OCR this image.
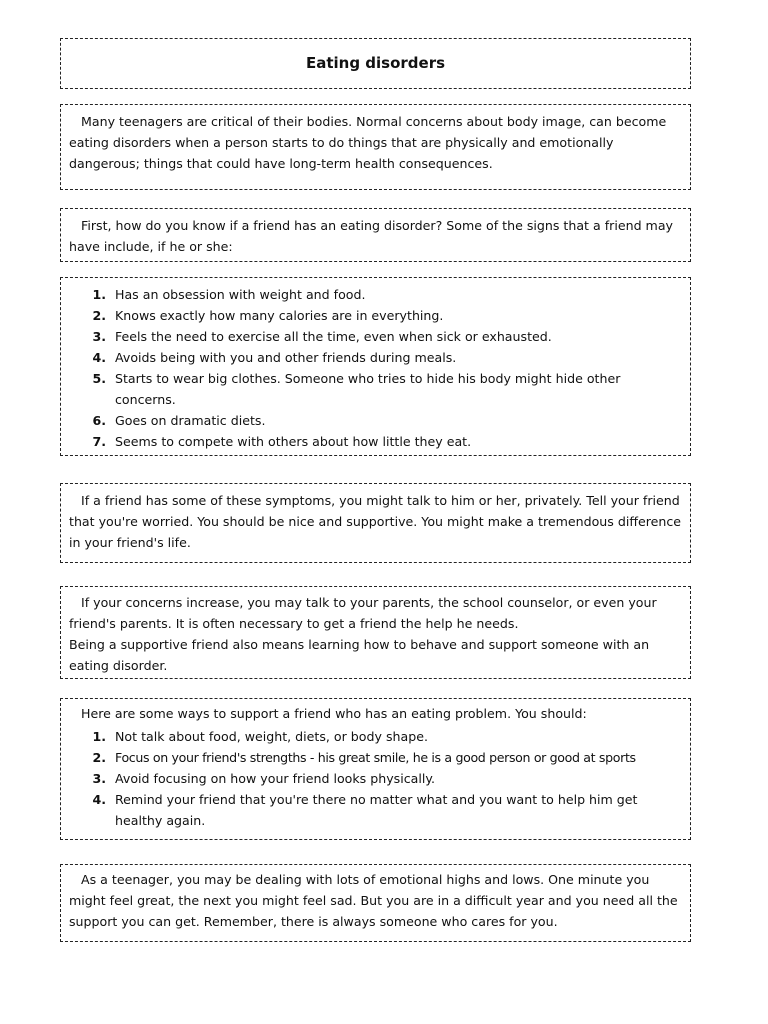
Eating disorders

Many teenagers are critical of their bodies. Normal concerns about body image, can become eating disorders when a person starts to do things that are physically and emotionally dangerous; things that could have long-term health consequences.

First, how do you know if a friend has an eating disorder? Some of the signs that a friend may have include, if he or she:

1. Has an obsession with weight and food.
2. Knows exactly how many calories are in everything.
3. Feels the need to exercise all the time, even when sick or exhausted.
4. Avoids being with you and other friends during meals.
5. Starts to wear big clothes. Someone who tries to hide his body might hide other concerns.
6. Goes on dramatic diets.
7. Seems to compete with others about how little they eat.

If a friend has some of these symptoms, you might talk to him or her, privately. Tell your friend that you're worried. You should be nice and supportive. You might make a tremendous difference in your friend's life.

If your concerns increase, you may talk to your parents, the school counselor, or even your friend's parents. It is often necessary to get a friend the help he needs.

Being a supportive friend also means learning how to behave and support someone with an eating disorder.

Here are some ways to support a friend who has an eating problem. You should:

1. Not talk about food, weight, diets, or body shape.
2. Focus on your friend's strengths - his great smile, he is a good person or good at sports
3. Avoid focusing on how your friend looks physically.
4. Remind your friend that you're there no matter what and you want to help him get healthy again.

As a teenager, you may be dealing with lots of emotional highs and lows. One minute you might feel great, the next you might feel sad. But you are in a difficult year and you need all the support you can get. Remember, there is always someone who cares for you.
